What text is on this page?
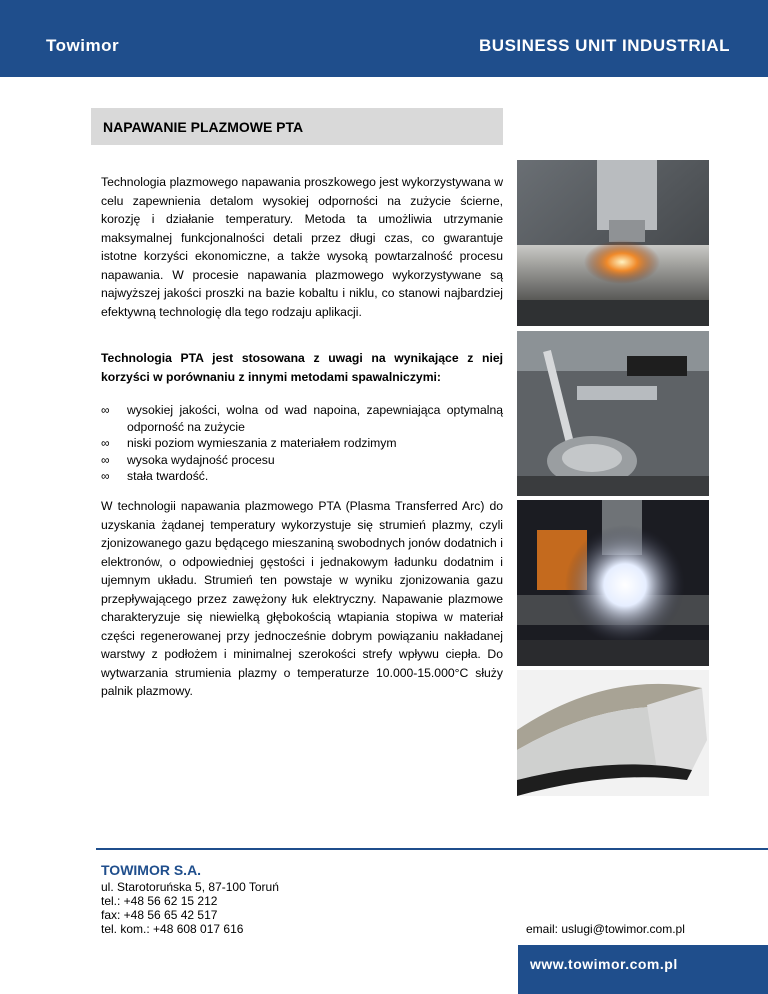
Towimor	BUSINESS UNIT INDUSTRIAL
NAPAWANIE PLAZMOWE PTA
Technologia plazmowego napawania proszkowego jest wykorzystywana w celu zapewnienia detalom wysokiej odporności na zużycie ścierne, korozję i działanie temperatury. Metoda ta umożliwia utrzymanie maksymalnej funkcjonalności detali przez długi czas, co gwarantuje istotne korzyści ekonomiczne, a także wysoką powtarzalność procesu napawania. W procesie napawania plazmowego wykorzystywane są najwyższej jakości proszki na bazie kobaltu i niklu, co stanowi najbardziej efektywną technologię dla tego rodzaju aplikacji.
Technologia PTA jest stosowana z uwagi na wynikające z niej korzyści w porównaniu z innymi metodami spawalniczymi:
∞ wysokiej jakości, wolna od wad napoina, zapewniająca optymalną odporność na zużycie
∞ niski poziom wymieszania z materiałem rodzimym
∞ wysoka wydajność procesu
∞ stała twardość.
W technologii napawania plazmowego PTA (Plasma Transferred Arc) do uzyskania żądanej temperatury wykorzystuje się strumień plazmy, czyli zjonizowanego gazu będącego mieszaniną swobodnych jonów dodatnich i elektronów, o odpowiedniej gęstości i jednakowym ładunku dodatnim i ujemnym układu. Strumień ten powstaje w wyniku zjonizowania gazu przepływającego przez zawężony łuk elektryczny. Napawanie plazmowe charakteryzuje się niewielką głębokością wtapiania stopiwa w materiał części regenerowanej przy jednocześnie dobrym powiązaniu nakładanej warstwy z podłożem i minimalnej szerokości strefy wpływu ciepła. Do wytwarzania strumienia plazmy o temperaturze 10.000-15.000°C służy palnik plazmowy.
TOWIMOR S.A.
ul. Starotoruńska 5, 87-100 Toruń
tel.: +48 56 62 15 212
fax: +48 56 65 42 517
tel. kom.: +48 608 017 616	email: uslugi@towimor.com.pl
www.towimor.com.pl
